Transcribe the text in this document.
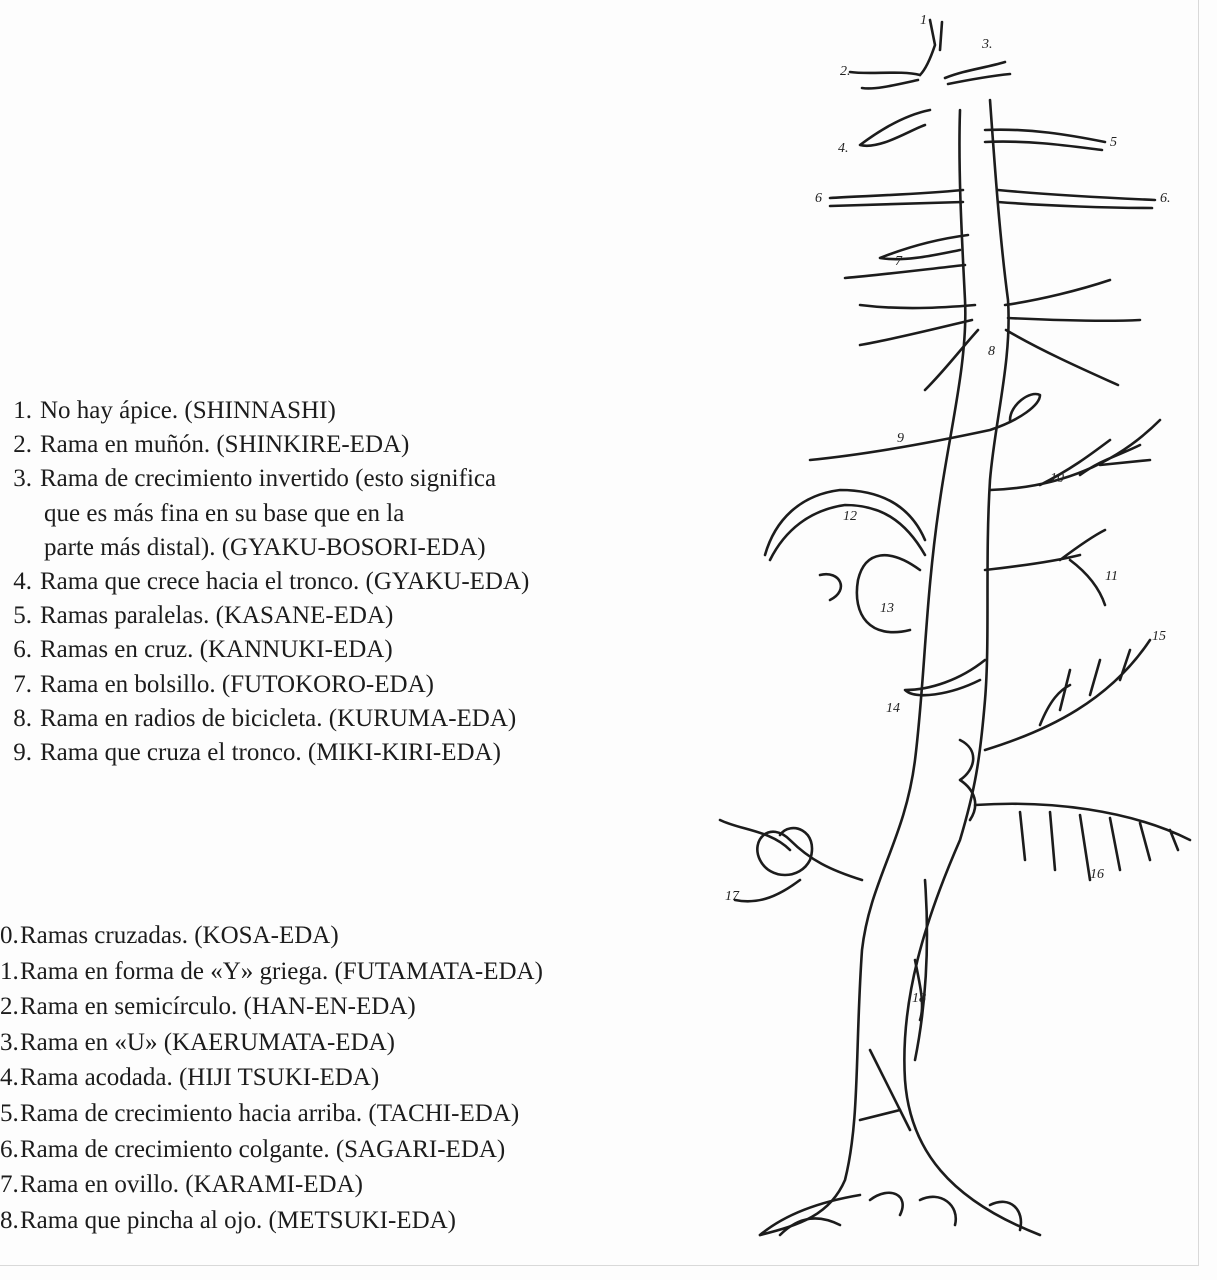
1
2.
3.
4.	5
6	6.
7
8
9
10
11
12
13
14
15
16
17
18
1. No hay ápice. (SHINNASHI)
2. Rama en muñón. (SHINKIRE-EDA)
3. Rama de crecimiento invertido (esto significa
que es más fina en su base que en la
parte más distal). (GYAKU-BOSORI-EDA)
4. Rama que crece hacia el tronco. (GYAKU-EDA)
5. Ramas paralelas. (KASANE-EDA)
6. Ramas en cruz. (KANNUKI-EDA)
7. Rama en bolsillo. (FUTOKORO-EDA)
8. Rama en radios de bicicleta. (KURUMA-EDA)
9. Rama que cruza el tronco. (MIKI-KIRI-EDA)
0.Ramas cruzadas. (KOSA-EDA)
1.Rama en forma de «Y» griega. (FUTAMATA-EDA)
2.Rama en semicírculo. (HAN-EN-EDA)
3.Rama en «U» (KAERUMATA-EDA)
4.Rama acodada. (HIJI TSUKI-EDA)
5.Rama de crecimiento hacia arriba. (TACHI-EDA)
6.Rama de crecimiento colgante. (SAGARI-EDA)
7.Rama en ovillo. (KARAMI-EDA)
8.Rama que pincha al ojo. (METSUKI-EDA)
